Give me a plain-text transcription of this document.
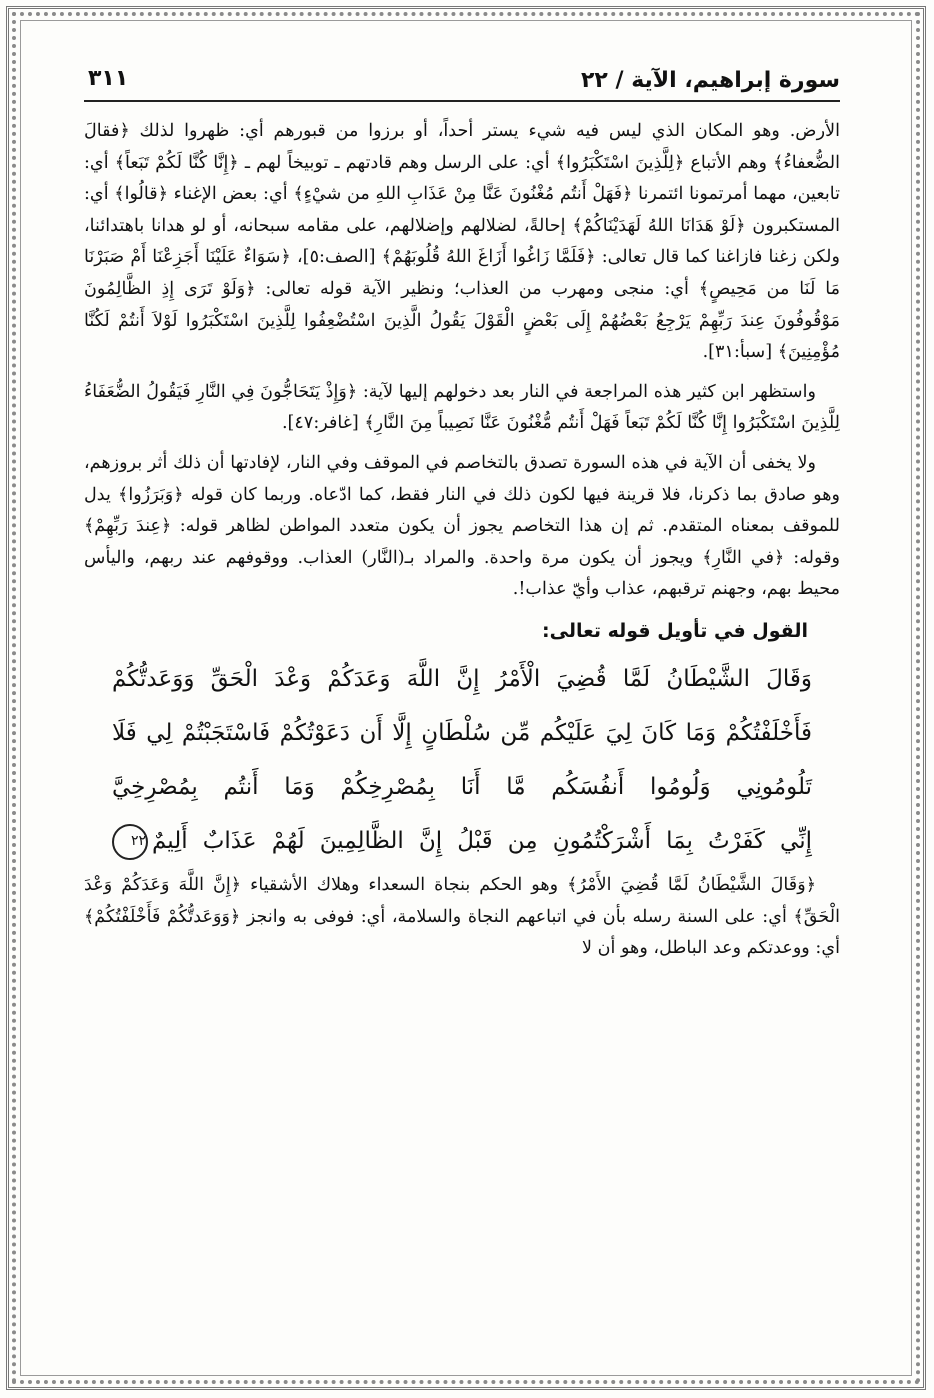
سورة إبراهيم، الآية / ٢٢
٣١١

الأرض. وهو المكان الذي ليس فيه شيء يستر أحداً، أو برزوا من قبورهم أي: ظهروا لذلك ﴿فقالَ الضُّعفاءُ﴾ وهم الأتباع ﴿لِلَّذِينَ اسْتَكْبَرُوا﴾ أي: على الرسل وهم قادتهم ـ توبيخاً لهم ـ ﴿إِنَّا كُنَّا لَكُمْ تَبَعاً﴾ أي: تابعين، مهما أمرتمونا ائتمرنا ﴿فَهَلْ أَنتُم مُغْنُونَ عَنَّا مِنْ عَذَابِ اللهِ من شيْءٍ﴾ أي: بعض الإغناء ﴿قالُوا﴾ أي: المستكبرون ﴿لَوْ هَدَانَا اللهُ لَهَدَيْنَاكُمْ﴾ إحالةً، لضلالهم وإضلالهم، على مقامه سبحانه، أو لو هدانا باهتدائنا، ولكن زغنا فازاغنا كما قال تعالى: ﴿فَلَمَّا زَاغُوا أَزَاغَ اللهُ قُلُوبَهُمْ﴾ [الصف:٥]، ﴿سَوَاءٌ عَلَيْنَا أَجَزِعْنَا أَمْ صَبَرْنَا مَا لَنَا من مَحِيصٍ﴾ أي: منجى ومهرب من العذاب؛ ونظير الآية قوله تعالى: ﴿وَلَوْ تَرَى إِذِ الظَّالِمُونَ مَوْقُوفُونَ عِندَ رَبِّهِمْ يَرْجِعُ بَعْضُهُمْ إِلَى بَعْضٍ الْقَوْلَ يَقُولُ الَّذِينَ اسْتُضْعِفُوا لِلَّذِينَ اسْتَكْبَرُوا لَوْلاَ أَنتُمْ لَكُنَّا مُؤْمِنِينَ﴾ [سبأ:٣١].

واستظهر ابن كثير هذه المراجعة في النار بعد دخولهم إليها لآية: ﴿وَإِذْ يَتَحَاجُّونَ فِي النَّارِ فَيَقُولُ الضُّعَفَاءُ لِلَّذِينَ اسْتَكْبَرُوا إِنَّا كُنَّا لَكُمْ تَبَعاً فَهَلْ أَنتُم مُّغْنُونَ عَنَّا نَصِيباً مِنَ النَّارِ﴾ [غافر:٤٧].

ولا يخفى أن الآية في هذه السورة تصدق بالتخاصم في الموقف وفي النار، لإفادتها أن ذلك أثر بروزهم، وهو صادق بما ذكرنا، فلا قرينة فيها لكون ذلك في النار فقط، كما ادّعاه. وربما كان قوله ﴿وَبَرَزُوا﴾ يدل للموقف بمعناه المتقدم. ثم إن هذا التخاصم يجوز أن يكون متعدد المواطن لظاهر قوله: ﴿عِندَ رَبِّهِمْ﴾ وقوله: ﴿في النَّارِ﴾ ويجوز أن يكون مرة واحدة. والمراد بـ(النَّار) العذاب. ووقوفهم عند ربهم، واليأس محيط بهم، وجهنم ترقبهم، عذاب وأيّ عذاب!.

القول في تأويل قوله تعالى:
وَقَالَ الشَّيْطَانُ لَمَّا قُضِيَ الْأَمْرُ إِنَّ اللَّهَ وَعَدَكُمْ وَعْدَ الْحَقِّ وَوَعَدتُّكُمْ
فَأَخْلَفْتُكُمْ وَمَا كَانَ لِيَ عَلَيْكُم مِّن سُلْطَانٍ إِلَّا أَن دَعَوْتُكُمْ فَاسْتَجَبْتُمْ لِي فَلَا
تَلُومُونِي وَلُومُوا أَنفُسَكُم مَّا أَنَا بِمُصْرِخِكُمْ وَمَا أَنتُم بِمُصْرِخِيَّ
إِنِّي كَفَرْتُ بِمَا أَشْرَكْتُمُونِ مِن قَبْلُ إِنَّ الظَّالِمِينَ لَهُمْ عَذَابٌ أَلِيمٌ٢٢

﴿وَقَالَ الشَّيْطَانُ لَمَّا قُضِيَ الأَمْرُ﴾ وهو الحكم بنجاة السعداء وهلاك الأشقياء ﴿إِنَّ اللَّهَ وَعَدَكُمْ وَعْدَ الْحَقِّ﴾ أي: على السنة رسله بأن في اتباعهم النجاة والسلامة، أي: فوفى به وانجز ﴿وَوَعَدتُّكُمْ فَأَخْلَفْتُكُمْ﴾ أي: ووعدتكم وعد الباطل، وهو أن لا
